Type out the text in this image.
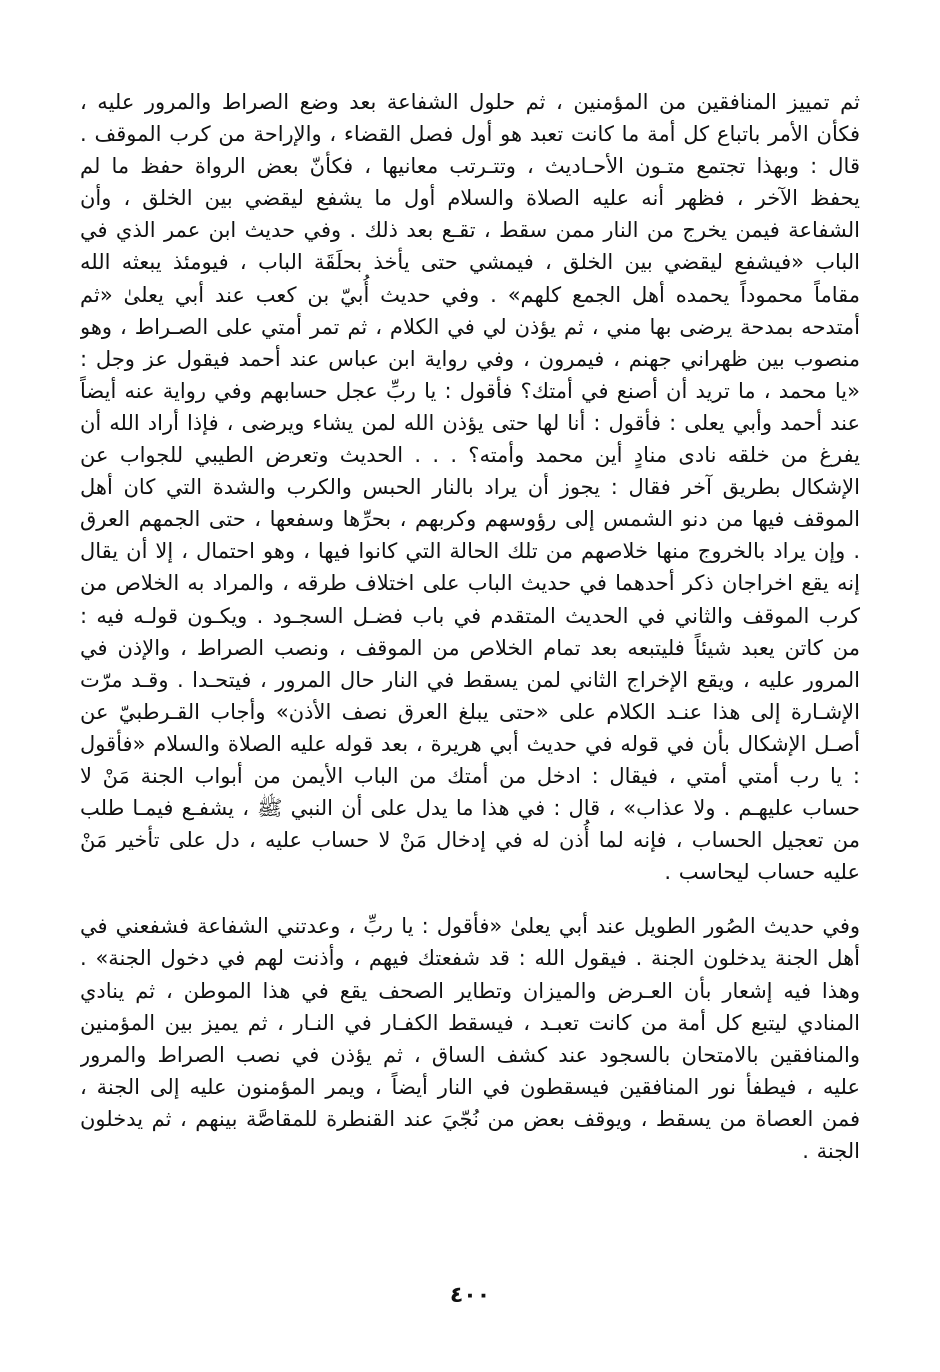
ثم تمييز المنافقين من المؤمنين ، ثم حلول الشفاعة بعد وضع الصراط والمرور عليه ، فكأن الأمر باتباع كل أمة ما كانت تعبد هو أول فصل القضاء ، والإراحة من كرب الموقف . قال : وبهذا تجتمع متـون الأحـاديث ، وتتـرتب معانيها ، فكأنّ بعض الرواة حفظ ما لم يحفظ الآخر ، فظهر أنه عليه الصلاة والسلام أول ما يشفع ليقضي بين الخلق ، وأن الشفاعة فيمن يخرج من النار ممن سقط ، تقـع بعد ذلك . وفي حديث ابن عمر الذي في الباب «فيشفع ليقضي بين الخلق ، فيمشي حتى يأخذ بحلَقَة الباب ، فيومئذ يبعثه الله مقاماً محموداً يحمده أهل الجمع كلهم» . وفي حديث أُبيّ بن كعب عند أبي يعلىٰ «ثم أمتدحه بمدحة يرضى بها مني ، ثم يؤذن لي في الكلام ، ثم تمر أمتي على الصـراط ، وهو منصوب بين ظهراني جهنم ، فيمرون ، وفي رواية ابن عباس عند أحمد فيقول عز وجل : «يا محمد ، ما تريد أن أصنع في أمتك؟ فأقول : يا ربِّ عجل حسابهم وفي رواية عنه أيضاً عند أحمد وأبي يعلى : فأقول : أنا لها حتى يؤذن الله لمن يشاء ويرضى ، فإذا أراد الله أن يفرغ من خلقه نادى منادٍ أين محمد وأمته؟ . . . الحديث وتعرض الطيبي للجواب عن الإشكال بطريق آخر فقال : يجوز أن يراد بالنار الحبس والكرب والشدة التي كان أهل الموقف فيها من دنو الشمس إلى رؤوسهم وكربهم ، بحرِّها وسفعها ، حتى الجمهم العرق . وإن يراد بالخروج منها خلاصهم من تلك الحالة التي كانوا فيها ، وهو احتمال ، إلا أن يقال إنه يقع اخراجان ذكر أحدهما في حديث الباب على اختلاف طرقه ، والمراد به الخلاص من كرب الموقف والثاني في الحديث المتقدم في باب فضـل السجـود . ويكـون قولـه فيه : من كاتن يعبد شيئاً فليتبعه بعد تمام الخلاص من الموقف ، ونصب الصراط ، والإذن في المرور عليه ، ويقع الإخراج الثاني لمن يسقط في النار حال المرور ، فيتحـدا . وقـد مرّت الإشـارة إلى هذا عنـد الكلام على «حتى يبلغ العرق نصف الأذن» وأجاب القـرطبيّ عن أصـل الإشكال بأن في قوله في حديث أبي هريرة ، بعد قوله عليه الصلاة والسلام «فأقول : يا رب أمتي أمتي ، فيقال : ادخل من أمتك من الباب الأيمن من أبواب الجنة مَنْ لا حساب عليهـم . ولا عذاب» ، قال : في هذا ما يدل على أن النبي ﷺ ، يشفـع فيمـا طلب من تعجيل الحساب ، فإنه لما أُذن له في إدخال مَنْ لا حساب عليه ، دل على تأخير مَنْ عليه حساب ليحاسب .

وفي حديث الصُور الطويل عند أبي يعلىٰ «فأقول : يا ربِّ ، وعدتني الشفاعة فشفعني في أهل الجنة يدخلون الجنة . فيقول الله : قد شفعتك فيهم ، وأذنت لهم في دخول الجنة» . وهذا فيه إشعار بأن العـرض والميزان وتطاير الصحف يقع في هذا الموطن ، ثم ينادي المنادي ليتبع كل أمة من كانت تعبـد ، فيسقط الكفـار في النـار ، ثم يميز بين المؤمنين والمنافقين بالامتحان بالسجود عند كشف الساق ، ثم يؤذن في نصب الصراط والمرور عليه ، فيطفأ نور المنافقين فيسقطون في النار أيضاً ، ويمر المؤمنون عليه إلى الجنة ، فمن العصاة من يسقط ، ويوقف بعض من نُجّيَ عند القنطرة للمقاصَّة بينهم ، ثم يدخلون الجنة .

٤٠٠
